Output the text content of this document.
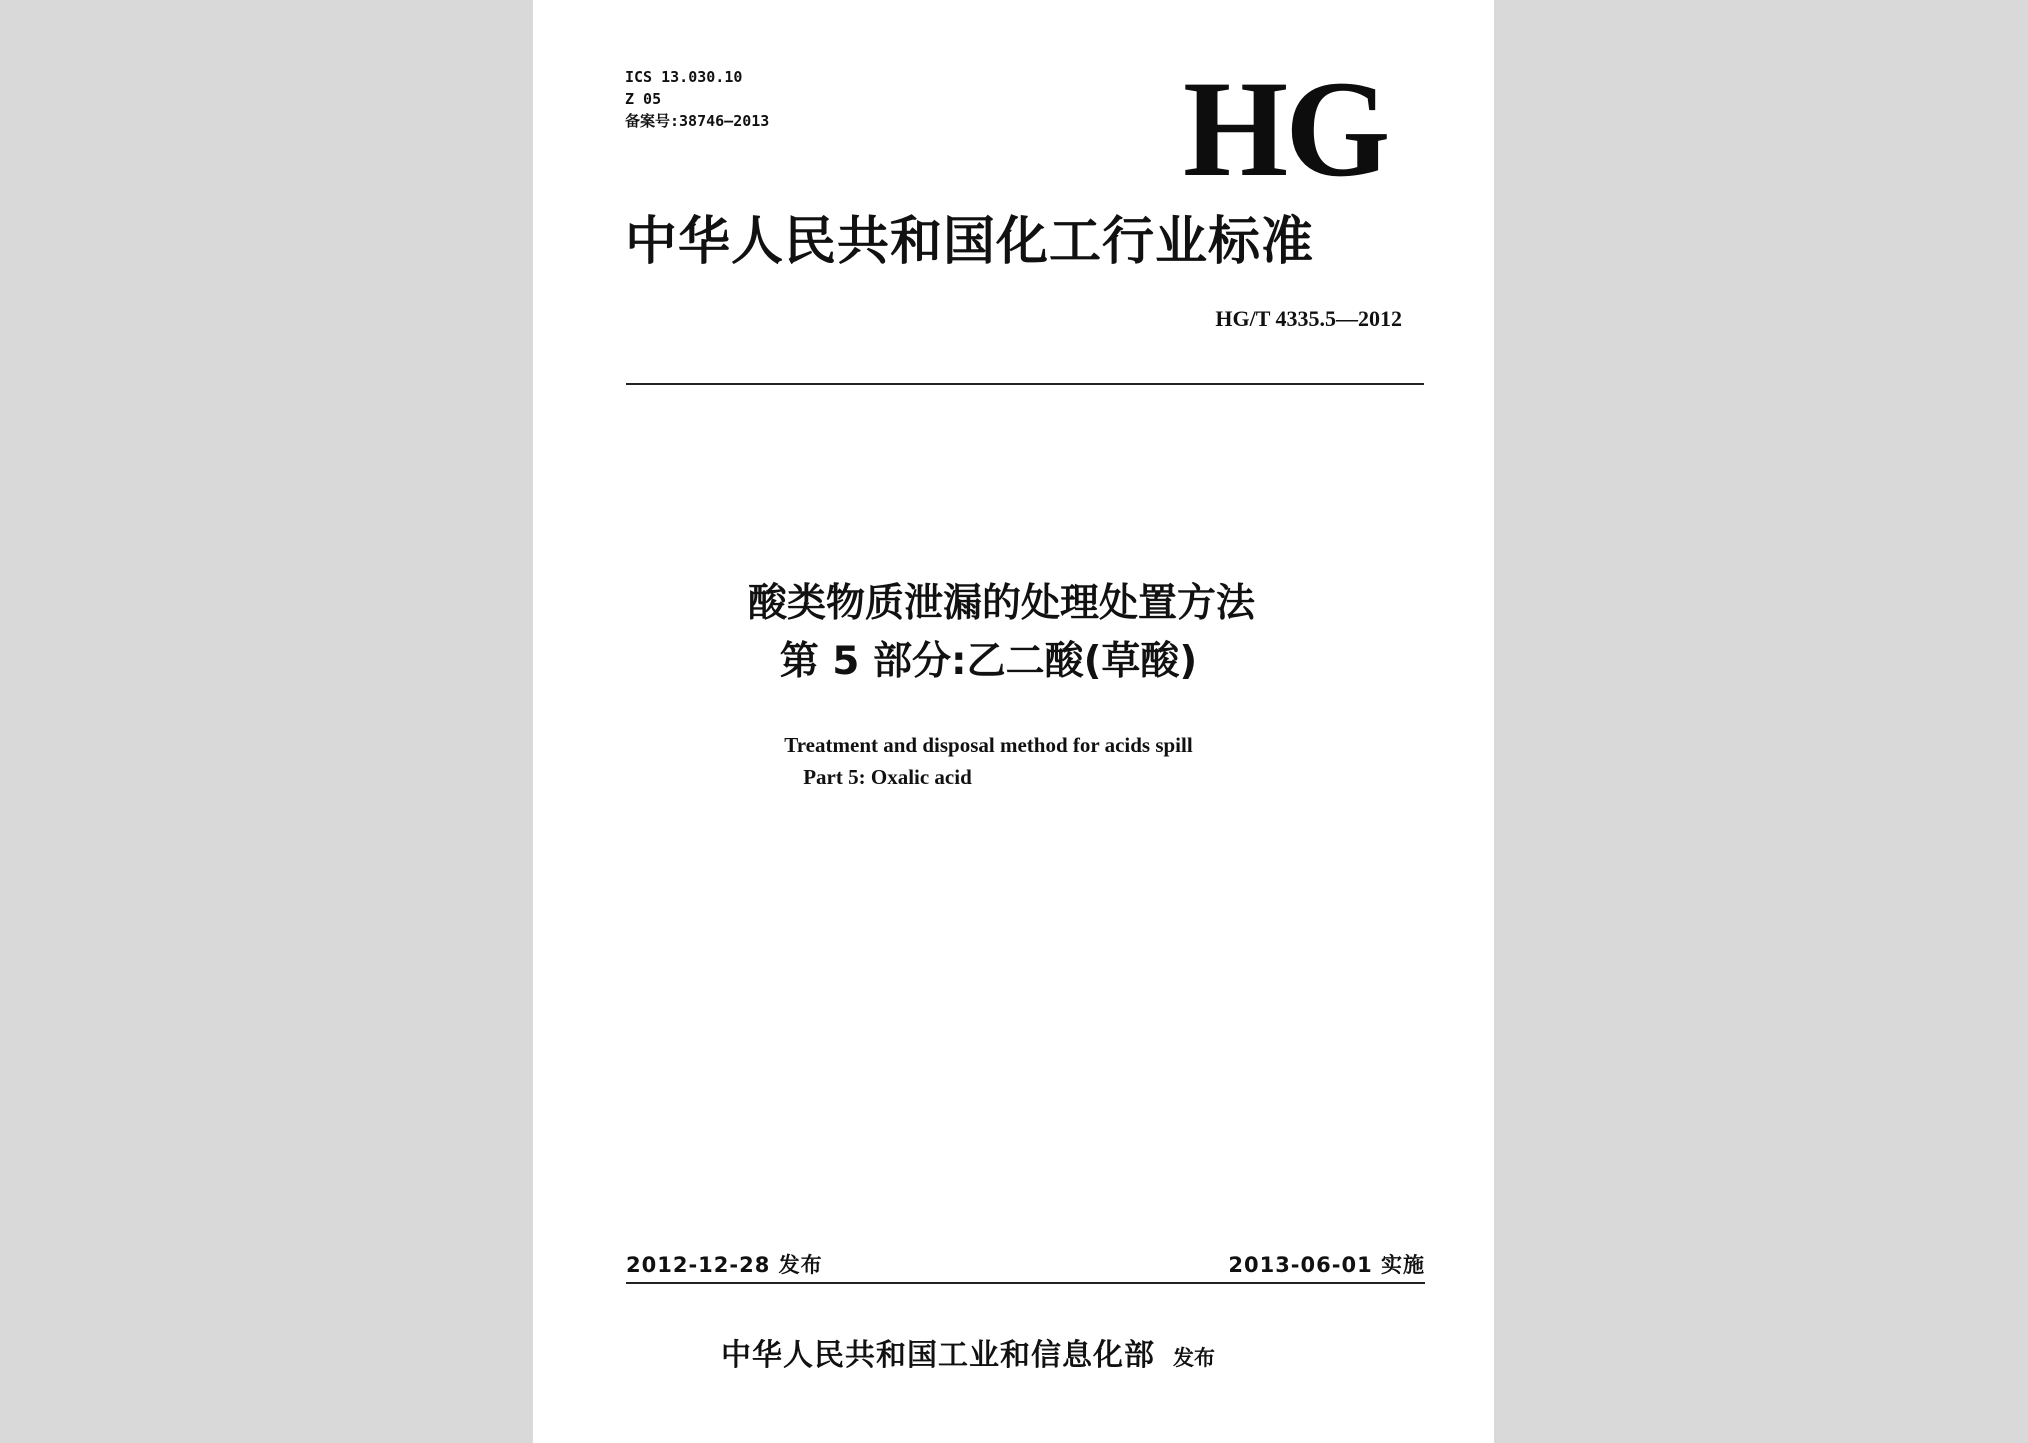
ICS 13.030.10
Z 05
备案号:38746—2013	HG
中华人民共和国化工行业标准
HG/T 4335.5—2012
酸类物质泄漏的处理处置方法
第 5 部分:乙二酸(草酸)
Treatment and disposal method for acids spill
Part 5: Oxalic acid
2012-12-28 发布	2013-06-01 实施
中华人民共和国工业和信息化部 发布
